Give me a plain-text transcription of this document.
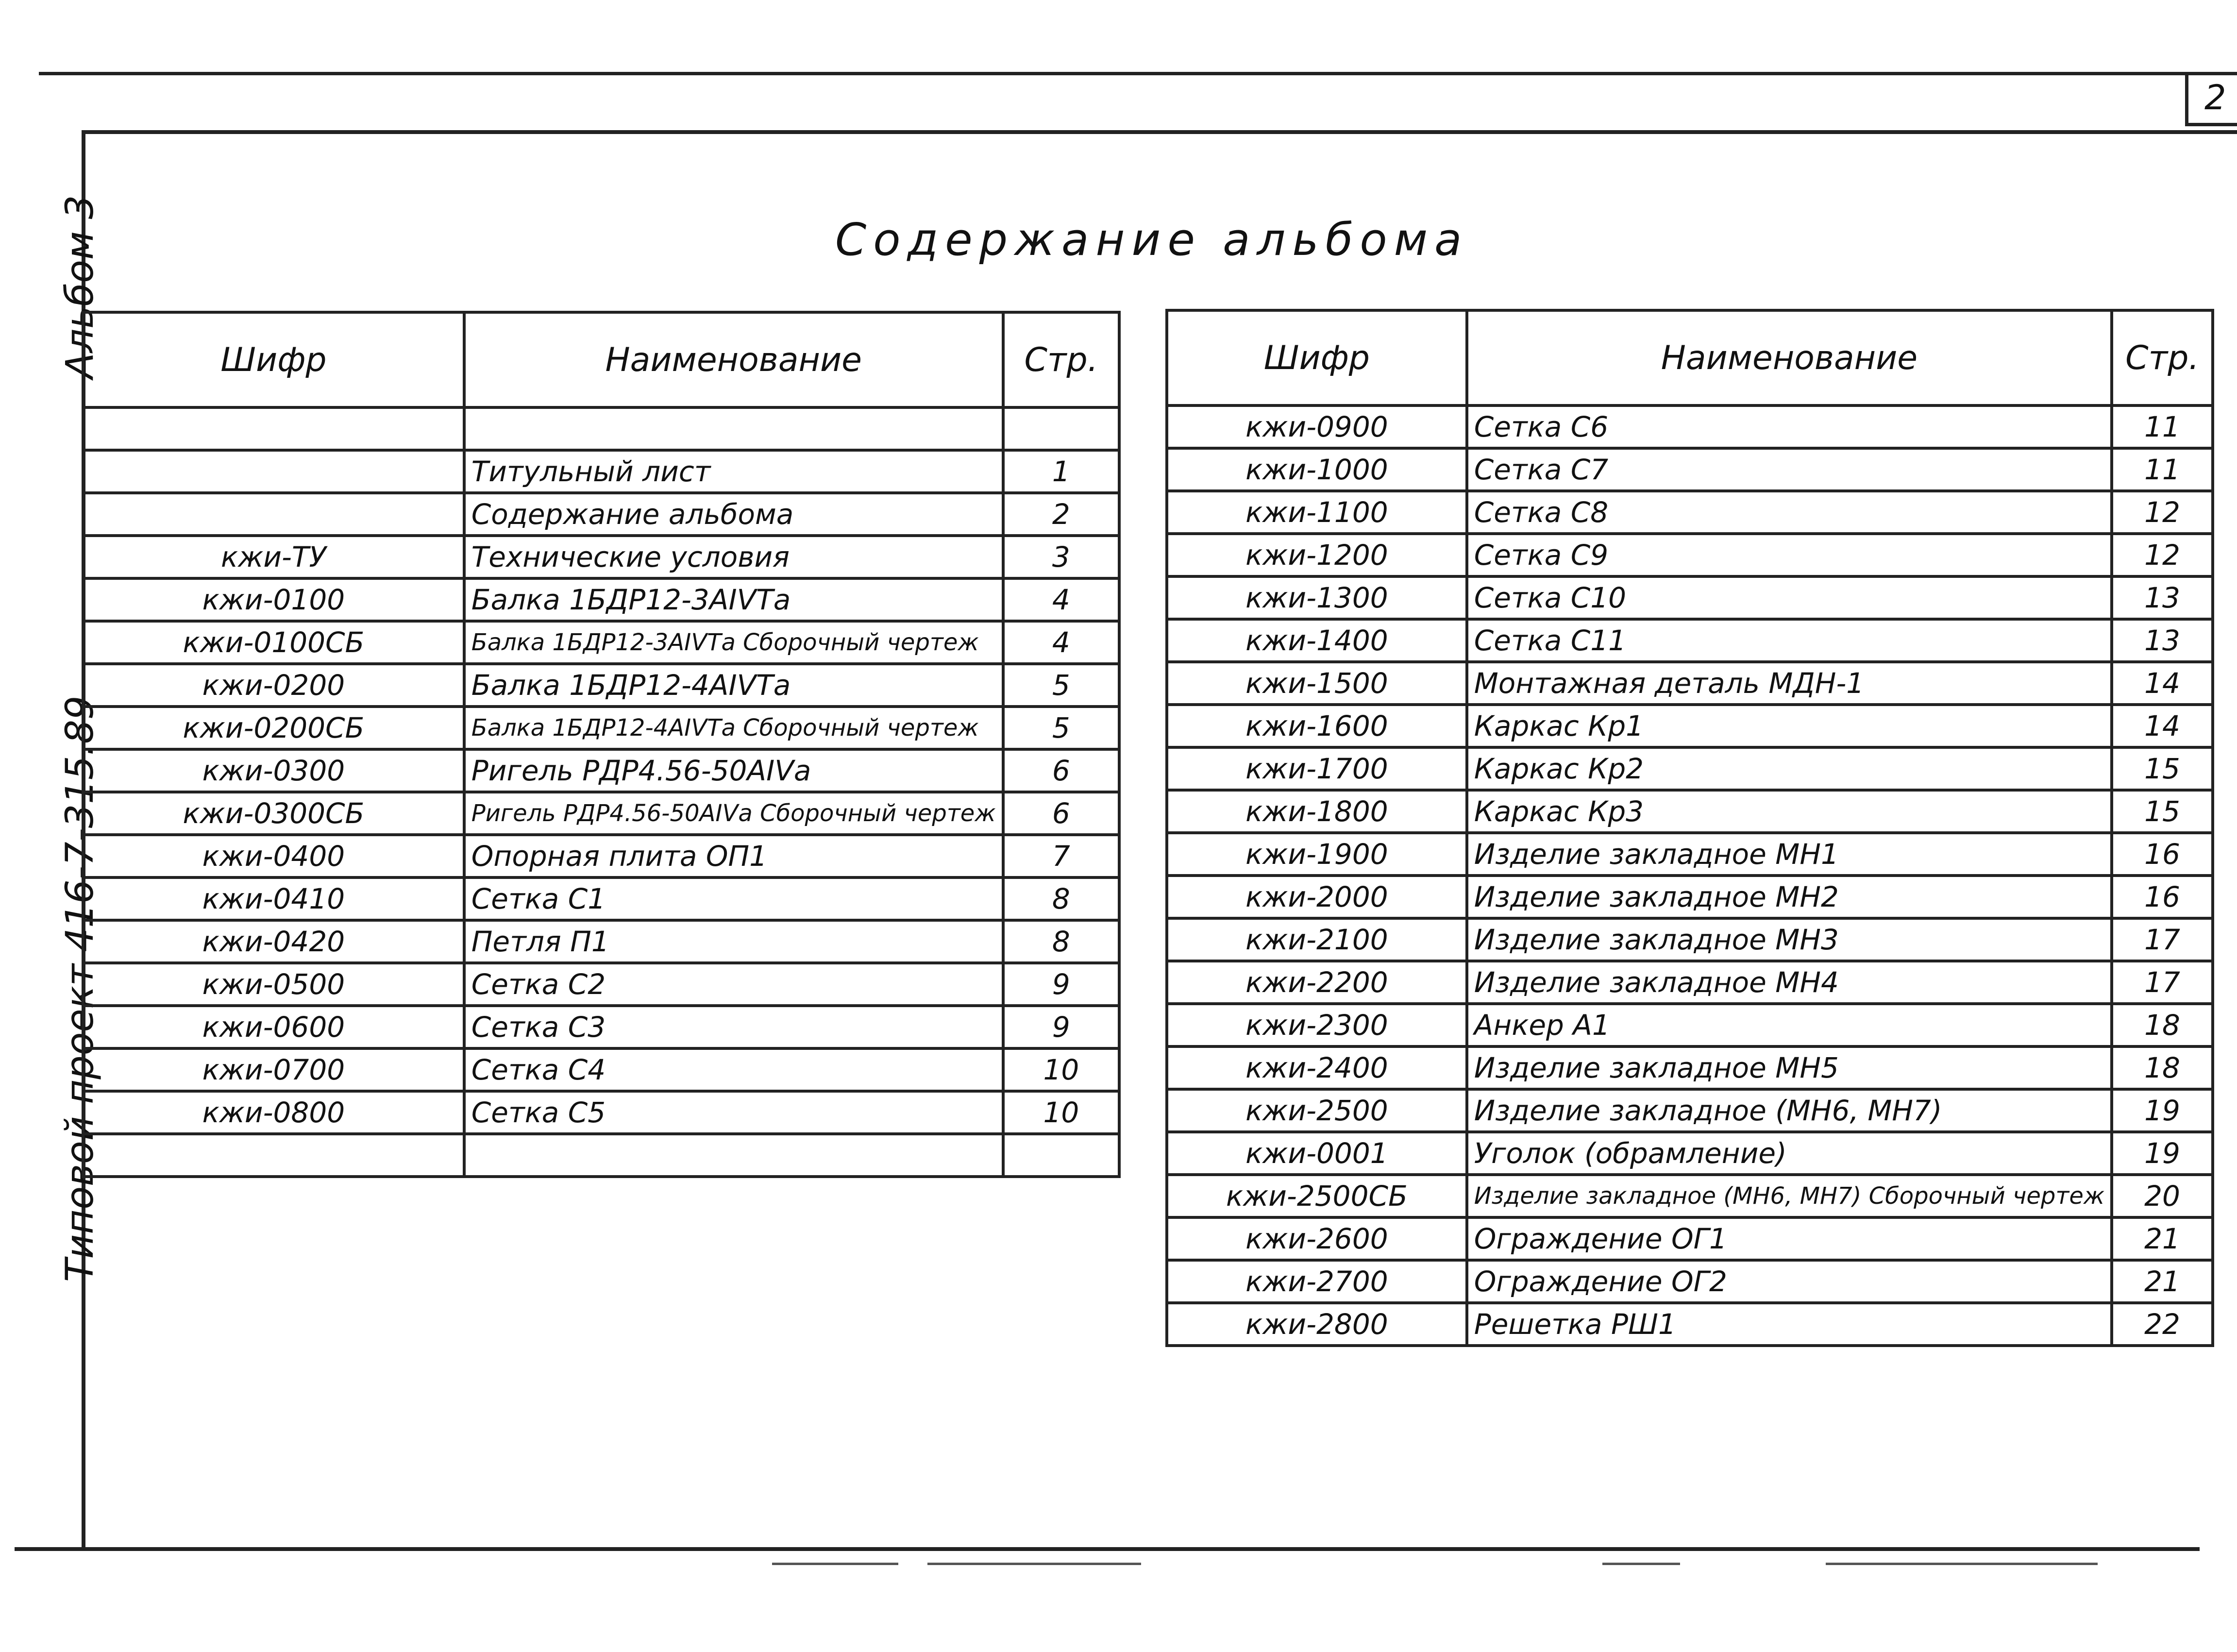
2
Альбом 3
Типовой проект 416-7-315.89
Содержание альбома
Шифр	Наименование	Стр.

	Титульный лист	1
	Содержание альбома	2
кжи-ТУ	Технические условия	3
кжи-0100	Балка 1БДР12-3АIVТа	4
кжи-0100СБ	Балка 1БДР12-3АIVТа Сборочный чертеж	4
кжи-0200	Балка 1БДР12-4АIVТа	5
кжи-0200СБ	Балка 1БДР12-4АIVТа Сборочный чертеж	5
кжи-0300	Ригель РДР4.56-50АIVа	6
кжи-0300СБ	Ригель РДР4.56-50АIVа Сборочный чертеж	6
кжи-0400	Опорная плита ОП1	7
кжи-0410	Сетка С1	8
кжи-0420	Петля П1	8
кжи-0500	Сетка С2	9
кжи-0600	Сетка С3	9
кжи-0700	Сетка С4	10
кжи-0800	Сетка С5	10

Шифр	Наименование	Стр.
кжи-0900	Сетка С6	11
кжи-1000	Сетка С7	11
кжи-1100	Сетка С8	12
кжи-1200	Сетка С9	12
кжи-1300	Сетка С10	13
кжи-1400	Сетка С11	13
кжи-1500	Монтажная деталь МДН-1	14
кжи-1600	Каркас Кр1	14
кжи-1700	Каркас Кр2	15
кжи-1800	Каркас Кр3	15
кжи-1900	Изделие закладное МН1	16
кжи-2000	Изделие закладное МН2	16
кжи-2100	Изделие закладное МН3	17
кжи-2200	Изделие закладное МН4	17
кжи-2300	Анкер А1	18
кжи-2400	Изделие закладное МН5	18
кжи-2500	Изделие закладное (МН6, МН7)	19
кжи-0001	Уголок (обрамление)	19
кжи-2500СБ	Изделие закладное (МН6, МН7) Сборочный чертеж	20
кжи-2600	Ограждение ОГ1	21
кжи-2700	Ограждение ОГ2	21
кжи-2800	Решетка РШ1	22
